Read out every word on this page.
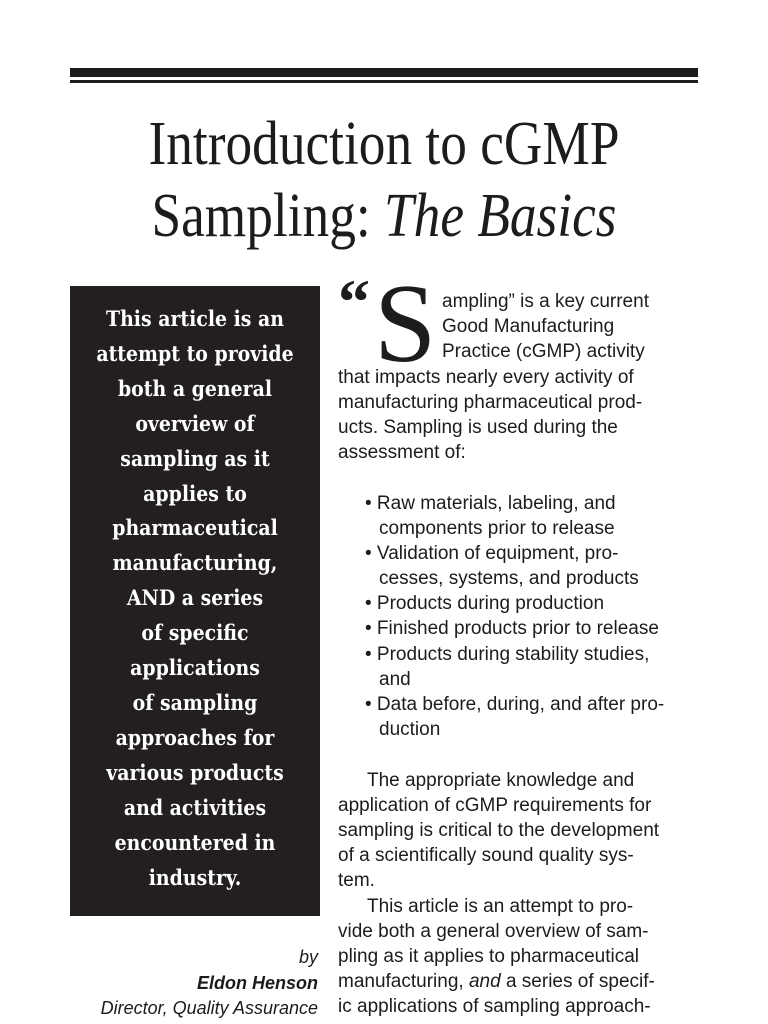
Introduction to cGMP
Sampling: The Basics
This article is an
attempt to provide
both a general
overview of
sampling as it
applies to
pharmaceutical
manufacturing,
AND a series
of specific
applications
of sampling
approaches for
various products
and activities
encountered in
industry.
by
Eldon Henson
Director, Quality Assurance
“ S ampling” is a key current
Good Manufacturing
Practice (cGMP) activity
that impacts nearly every activity of
manufacturing pharmaceutical prod-
ucts. Sampling is used during the
assessment of:
• Raw materials, labeling, and
components prior to release
• Validation of equipment, pro-
cesses, systems, and products
• Products during production
• Finished products prior to release
• Products during stability studies,
and
• Data before, during, and after pro-
duction
The appropriate knowledge and
application of cGMP requirements for
sampling is critical to the development
of a scientifically sound quality sys-
tem.
This article is an attempt to pro-
vide both a general overview of sam-
pling as it applies to pharmaceutical
manufacturing, and a series of specif-
ic applications of sampling approach-
